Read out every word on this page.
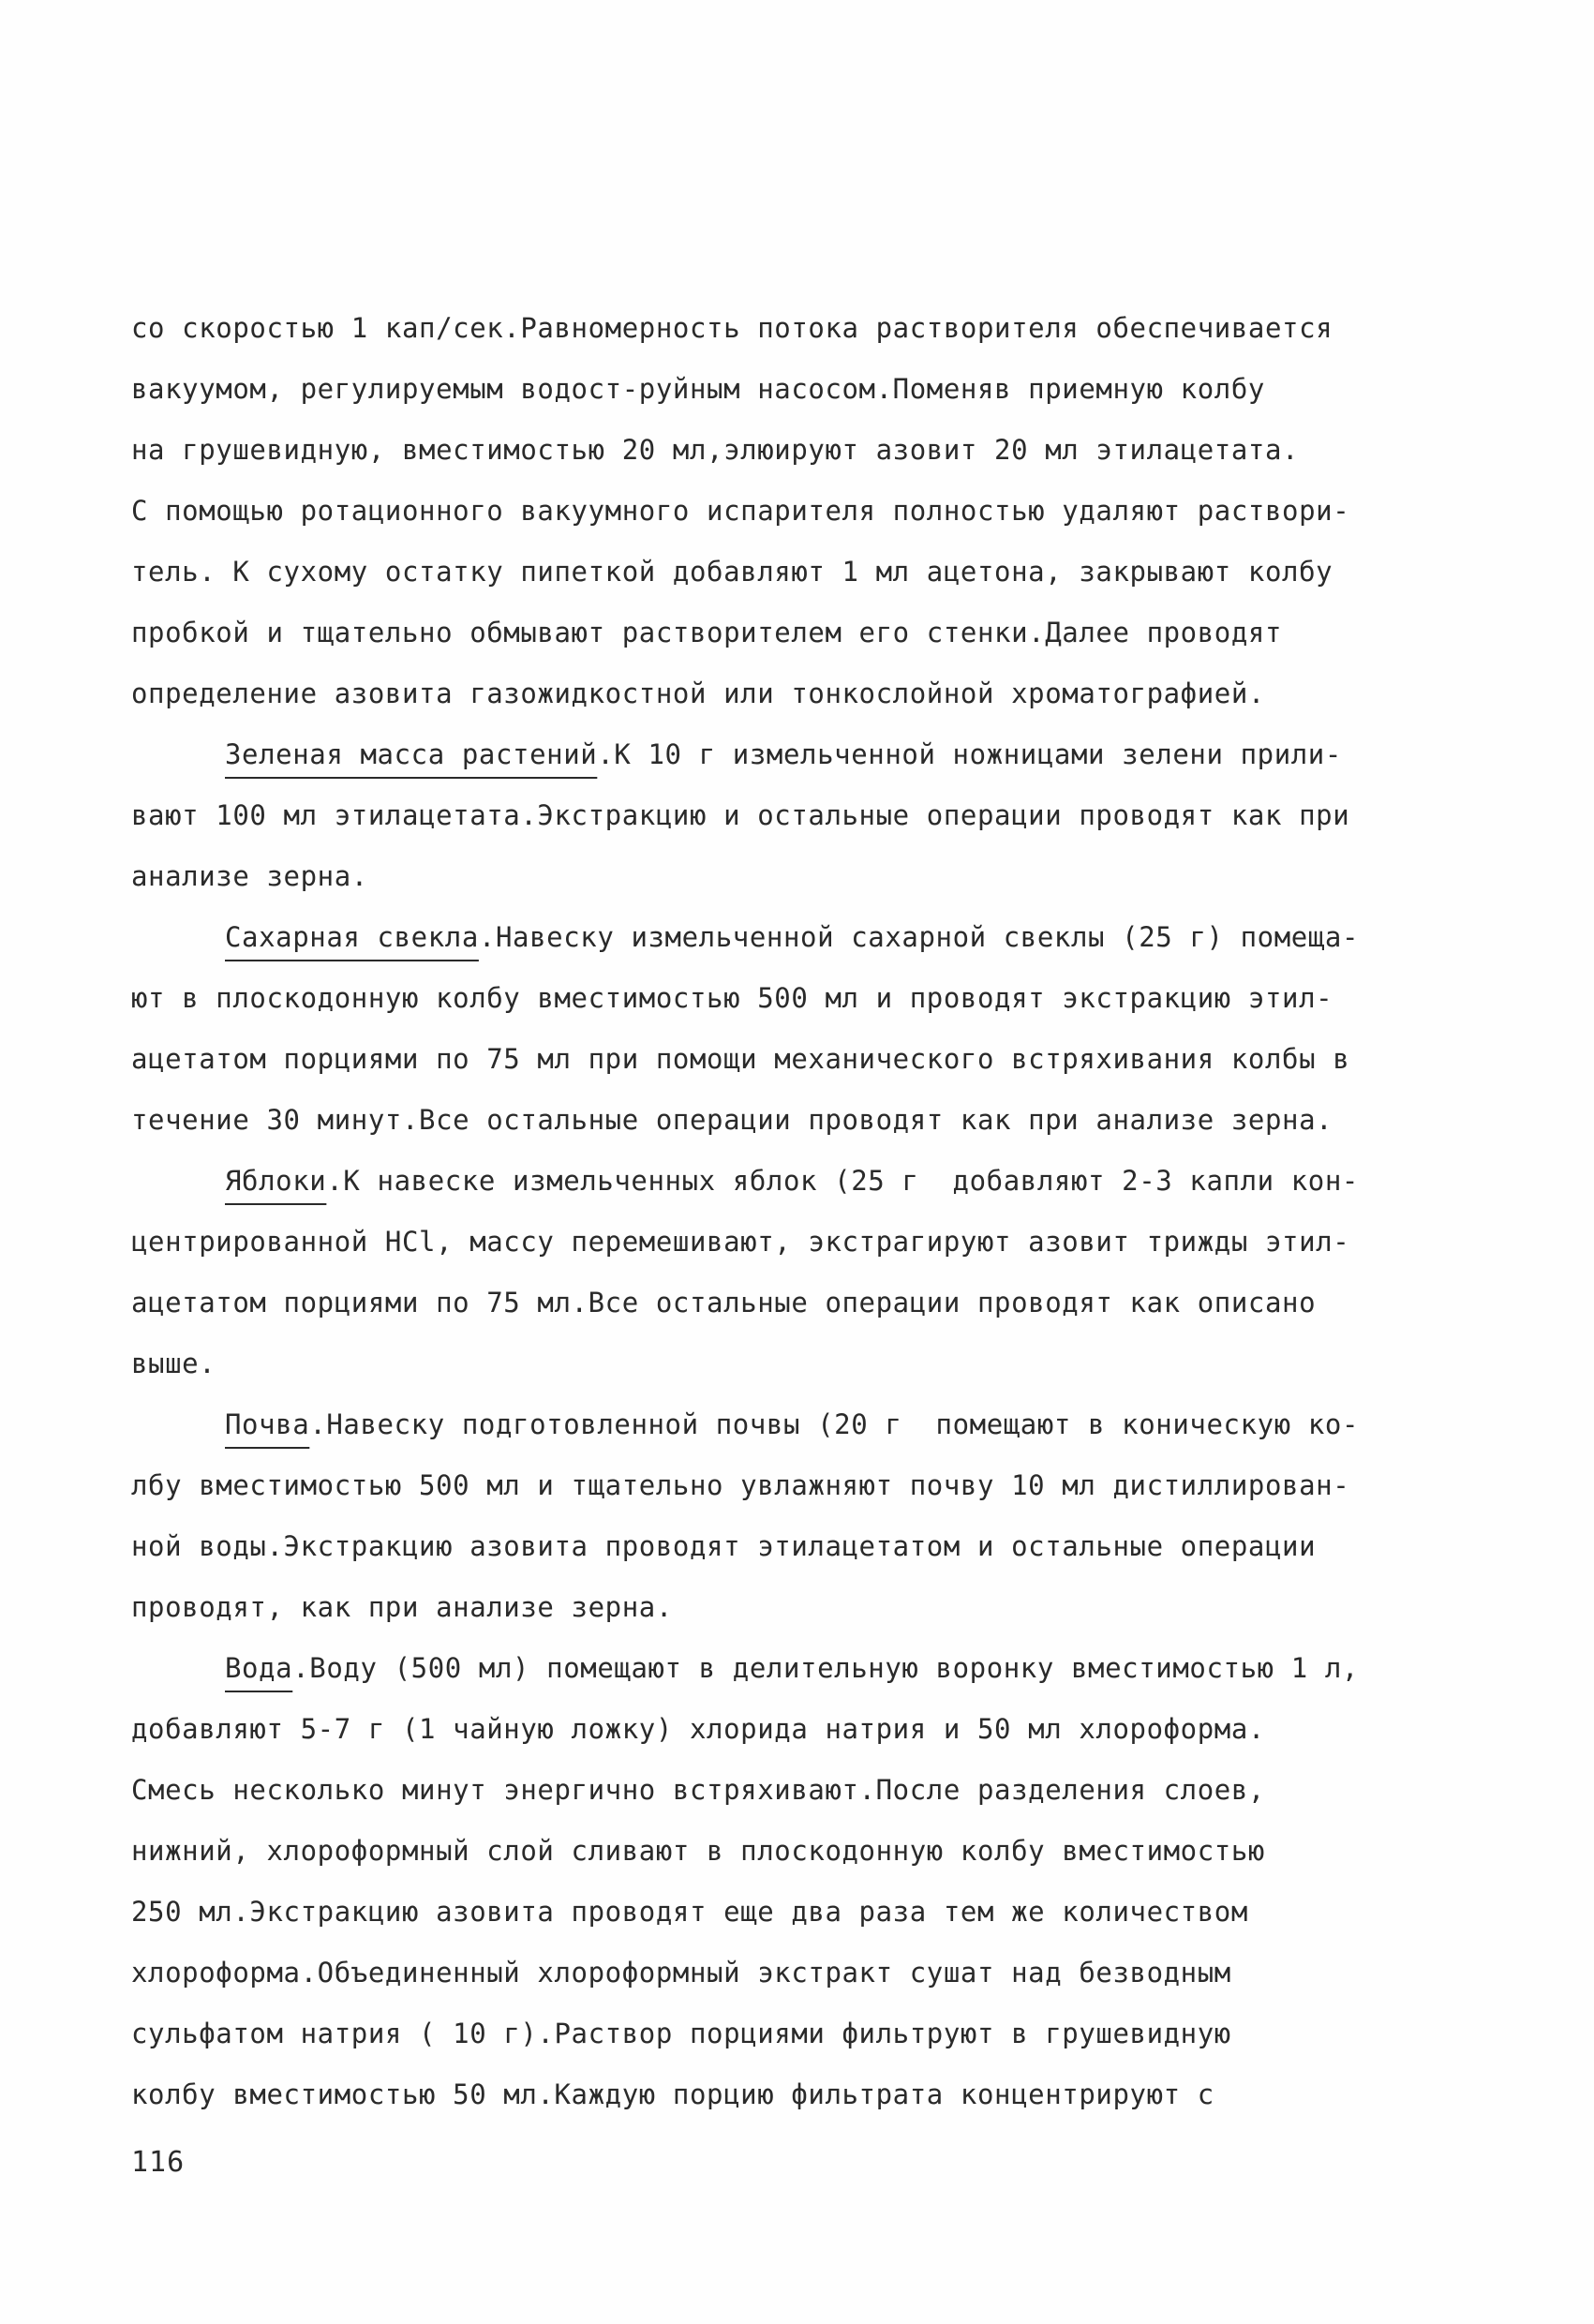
со скоростью 1 кап/сек.Равномерность потока растворителя обеспечивается
вакуумом, регулируемым водост-руйным насосом.Поменяв приемную колбу
на грушевидную, вместимостью 20 мл,элюируют азовит 20 мл этилацетата.
С помощью ротационного вакуумного испарителя полностью удаляют раствори-
тель. К сухому остатку пипеткой добавляют 1 мл ацетона, закрывают колбу
пробкой и тщательно обмывают растворителем его стенки.Далее проводят
определение азовита газожидкостной или тонкослойной хроматографией.
Зеленая масса растений.К 10 г измельченной ножницами зелени прили-
вают 100 мл этилацетата.Экстракцию и остальные операции проводят как при
анализе зерна.
Сахарная свекла.Навеску измельченной сахарной свеклы (25 г) помеща-
ют в плоскодонную колбу вместимостью 500 мл и проводят экстракцию этил-
ацетатом порциями по 75 мл при помощи механического встряхивания колбы в
течение 30 минут.Все остальные операции проводят как при анализе зерна.
Яблоки.К навеске измельченных яблок (25 г  добавляют 2-3 капли кон-
центрированной HCl, массу перемешивают, экстрагируют азовит трижды этил-
ацетатом порциями по 75 мл.Все остальные операции проводят как описано
выше.
Почва.Навеску подготовленной почвы (20 г  помещают в коническую ко-
лбу вместимостью 500 мл и тщательно увлажняют почву 10 мл дистиллирован-
ной воды.Экстракцию азовита проводят этилацетатом и остальные операции
проводят, как при анализе зерна.
Вода.Воду (500 мл) помещают в делительную воронку вместимостью 1 л,
добавляют 5-7 г (1 чайную ложку) хлорида натрия и 50 мл хлороформа.
Смесь несколько минут энергично встряхивают.После разделения слоев,
нижний, хлороформный слой сливают в плоскодонную колбу вместимостью
250 мл.Экстракцию азовита проводят еще два раза тем же количеством
хлороформа.Объединенный хлороформный экстракт сушат над безводным
сульфатом натрия ( 10 г).Раствор порциями фильтруют в грушевидную
колбу вместимостью 50 мл.Каждую порцию фильтрата концентрируют с
116
